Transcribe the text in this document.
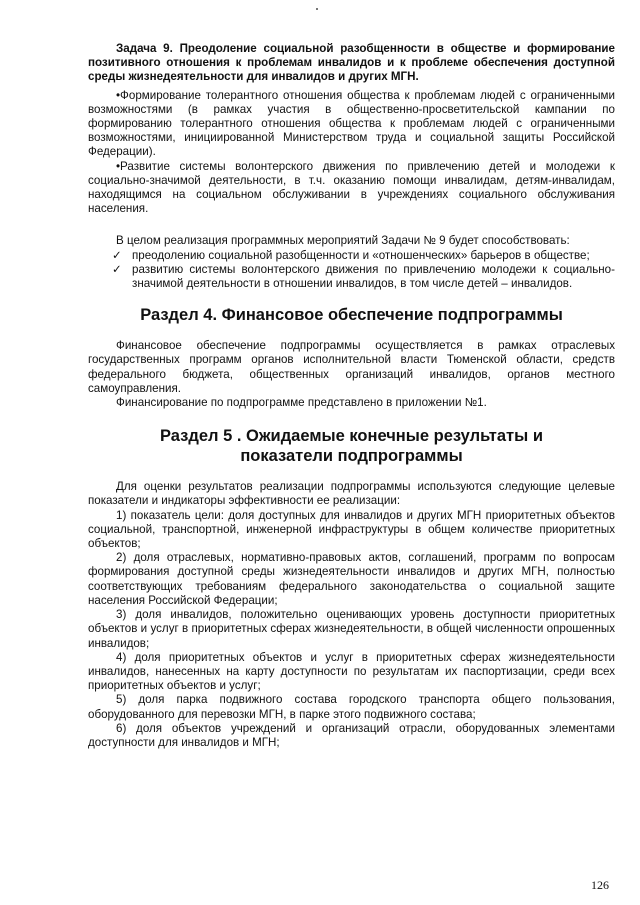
Задача 9. Преодоление социальной разобщенности в обществе и формирование позитивного отношения к проблемам инвалидов и к проблеме обеспечения доступной среды жизнедеятельности для инвалидов и других МГН.

•Формирование толерантного отношения общества к проблемам людей с ограниченными возможностями (в рамках участия в общественно-просветительской кампании по формированию толерантного отношения общества к проблемам людей с ограниченными возможностями, инициированной Министерством труда и социальной защиты Российской Федерации).

•Развитие системы волонтерского движения по привлечению детей и молодежи к социально-значимой деятельности, в т.ч. оказанию помощи инвалидам, детям-инвалидам, находящимся на социальном обслуживании в учреждениях социального обслуживания населения.

В целом реализация программных мероприятий Задачи № 9 будет способствовать:

✓ преодолению социальной разобщенности и «отношенческих» барьеров в обществе;
✓ развитию системы волонтерского движения по привлечению молодежи к социально-значимой деятельности в отношении инвалидов, в том числе детей – инвалидов.
Раздел 4. Финансовое обеспечение подпрограммы

Финансовое обеспечение подпрограммы осуществляется в рамках отраслевых государственных программ органов исполнительной власти Тюменской области, средств федерального бюджета, общественных организаций инвалидов, органов местного самоуправления.

Финансирование по подпрограмме представлено в приложении №1.

Раздел 5 . Ожидаемые конечные результаты и показатели подпрограммы

Для оценки результатов реализации подпрограммы используются следующие целевые показатели и индикаторы эффективности ее реализации:

1) показатель цели: доля доступных для инвалидов и других МГН приоритетных объектов социальной, транспортной, инженерной инфраструктуры в общем количестве приоритетных объектов;

2) доля отраслевых, нормативно-правовых актов, соглашений, программ по вопросам формирования доступной среды жизнедеятельности инвалидов и других МГН, полностью соответствующих требованиям федерального законодательства о социальной защите населения Российской Федерации;

3) доля инвалидов, положительно оценивающих уровень доступности приоритетных объектов и услуг в приоритетных сферах жизнедеятельности, в общей численности опрошенных инвалидов;

4) доля приоритетных объектов и услуг в приоритетных сферах жизнедеятельности инвалидов, нанесенных на карту доступности по результатам их паспортизации, среди всех приоритетных объектов и услуг;

5) доля парка подвижного состава городского транспорта общего пользования, оборудованного для перевозки МГН, в парке этого подвижного состава;

6) доля объектов учреждений и организаций отрасли, оборудованных элементами доступности для инвалидов и МГН;

126
